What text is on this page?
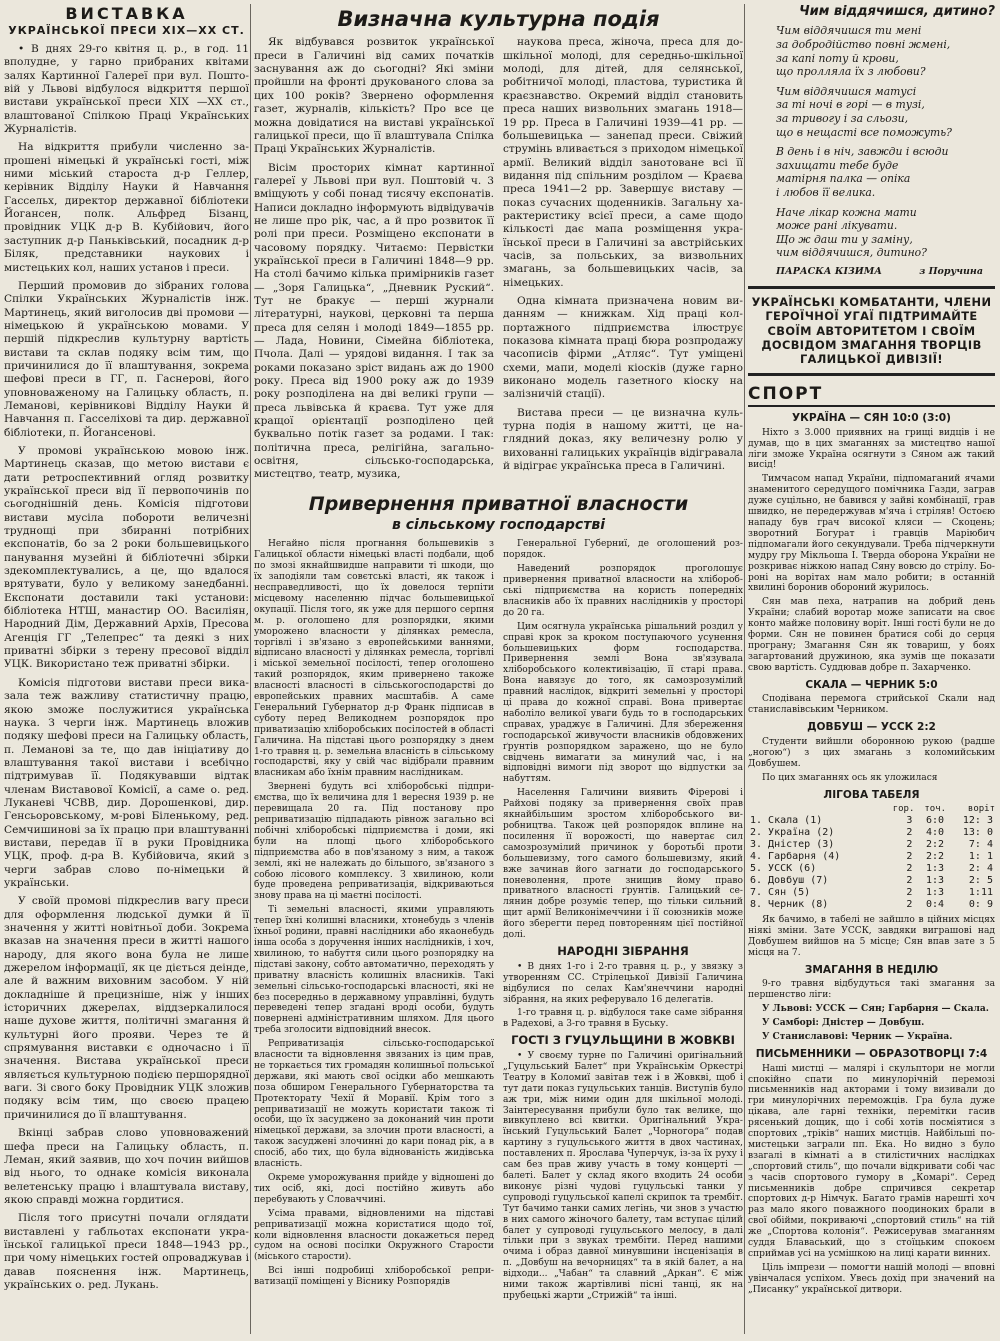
ВИСТАВКА
УКРАЇНСЬКОЇ ПРЕСИ XIX—XX СТ.

• В днях 29-го квітня ц. р., в год. 11 вполудне, у гарно прибраних квітами залях Картинної Галереї при вул. Поштовій у Львові відбулося відкриття першої вистави української преси XIX —XX ст., влаштованої Спілкою Праці Українських Журналістів.

На відкриття прибули численно запрошені німецькі й українські гості, між ними міський староста д-р Геллер, керівник Відділу Науки й Навчання Гассельх, директор державної бібліотеки Йогансен, полк. Альфред Бізанц, провідник УЦК д-р В. Кубійович, його заступник д-р Паньківський, посадник д-р Біляк, представники наукових і мистецьких кол, наших установ і преси.

Перший промовив до зібраних голова Спілки Українських Журналістів інж. Мартинець, який виголосив дві промови — німецькою й українською мовами. У першій підкреслив культурну вартість вистави та склав подяку всім тим, що причинилися до її влаштування, зокрема шефові преси в ГГ, п. Гаснерові, його уповноваженому на Галицьку область, п. Лемановi, керівникові Відділу Науки й Навчання п. Гасселіхові та дир. державної бібліотеки, п. Йогансенові.

У промові українською мовою інж. Мартинець сказав, що метою вистави є дати ретроспективний огляд розвитку української преси від її первопочинів по сьогоднішній день. Комісія підготови вистави мусіла побороти величезні труднощі при збиранні потрібних експонатів, бо за 2 роки большевицького панування музейні й бібліотечні збірки здекомплектувались, а це, що вдалося врятувати, було у великому занедбанні. Експонати доставили такі установи: бібліотека НТШ, манастир ОО. Василіян, Народний Дім, Державний Архів, Пресова Агенція ГГ „Телепрес“ та деякі з них приватні збірки з терену пресової відділ УЦК. Використано теж приватні збірки.

Комісія підготови вистави преси виказала теж важливу статистичну працю, якою зможе послужитися українська наука. З черги інж. Мартинець вложив подяку шефові преси на Галицьку область, п. Лемановi за те, що дав ініціативу до влаштування такої вистави і всебічно підтримував її. Подякувавши відтак членам Виставової Комісії, а саме о. ред. Луканеві ЧСВВ, дир. Дорошенкові, дир. Генсьоровському, м-рові Біленькому, ред. Семчишинові за їх працю при влаштуванні вистави, передав її в руки Провідника УЦК, проф. д-ра В. Кубійовича, який з черги забрав слово по-німецьки й українськи.

У своїй промові підкреслив вагу преси для оформлення людської думки й її значення у житті новітньої доби. Зокрема вказав на значення преси в житті нашого народу, для якого вона була не лише джерелом інформації, як це діється деінде, але й важним виховним засобом. У ній докладніше й прецизніше, ніж у інших історичних джерелах, віддзеркалилося наше духове життя, політичні змагання й культурні його прояви. Через те й спрямування виставки є одночасно і її значення. Вистава української преси являється культурною подією першорядної ваги. Зі свого боку Провідник УЦК зложив подяку всім тим, що своєю працею причинилися до її влаштування.

Вкінці забрав слово уповноважений шефа преси на Галицьку область, п. Леман, який заявив, що хоч почин вийшов від нього, то однаке комісія виконала велетенську працю і влаштувала виставу, якою справді можна гордитися.

Після того присутні почали оглядати виставлені у габльотах експонати української галицької преси 1848—1943 рр., при чому німецьких гостей опроваджував і давав пояснення інж. Мартинець, українських о. ред. Лукань.

Визначна культурна подія

Як відбувався розвиток української преси в Галичині від самих початків заснування аж до сьогодні? Які зміни пройшли на фронті друкованого слова за цих 100 років? Звернено оформлення газет, журналів, кількість? Про все це можна довідатися на виставі української галицької преси, що її влаштувала Спілка Праці Українських Журналістів.

Вісім просторих кімнат картинної галереї у Львові при вул. Поштовій ч. 3 вміщують у собі понад тисячу експонатів. Написи докладно інформують відвідувачів не лише про рік, час, а й про розвиток її ролі при преси. Розміщено експонати в часовому порядку. Читаємо: Первістки української преси в Галичині 1848—9 рр. На столі бачимо кілька примірників газет — „Зоря Галицька“, „Дневник Руский“. Тут не бракує — перші журнали літературні, наукові, церковні та перша преса для селян і молоді 1849—1855 рр. — Лада, Новини, Сімейна бібліотека, Пчола. Далі — урядові видання. І так за роками показано зріст видань аж до 1900 року. Преса від 1900 року аж до 1939 року розподілена на дві великі групи — преса львівська й краєва. Тут уже для кращої орієнтації розподілено цей буквально потік газет за родами. І так: політична преса, релігійна, загально-освітня, сільсько-господарська, мистецтво, театр, музика,

наукова преса, жіноча, преса для дошкільної молоді, для середньо-шкільної молоді, для дітей, для селянської, робітничої молоді, пластова, туристика й краєзнавство. Окремий відділ становить преса наших визвольних змагань 1918—19 рр. Преса в Галичині 1939—41 рр. — большевицька — занепад преси. Свіжий струмінь вливається з приходом німецької армії. Великий відділ занотоване всі її видання під спільним розділом — Краєва преса 1941—2 рр. Завершує виставу — показ сучасних щоденників. Загальну характеристику всієї преси, а саме щодо кількості дає мапа розміщення української преси в Галичині за австрійських часів, за польських, за визвольних змагань, за большевицьких часів, за німецьких.

Одна кімната призначена новим виданням — книжкам. Хід праці колпортажного підприємства ілюструє показова кімната праці бюра розпродажу часописів фірми „Атляс“. Тут уміщені схеми, мапи, моделі кіосків (дуже гарно виконано модель газетного кіоску на залізничій стації).

Вистава преси — це визначна культурна подія в нашому житті, це наглядний доказ, яку величезну ролю у вихованні галицьких українців відігравала й відіграє українська преса в Галичині.

Привернення приватної власности
в сільському господарстві

Негайно після прогнання большевиків з Галицької области німецькі власті подбали, щоб по змозі якнайшвидше направити ті шкоди, що їх заподіяли там совєтські власті, як також і несправедливості, що їх довелося терпіти місцевому населенню підчас большевицької окупації. Після того, як уже для першого серпня м. р. оголошено для розпорядки, якими уморожено власности у ділянках ремесла, торгівлі і зв'язано з европейськими ваннями, відписано власності у ділянках ремесла, торгівлі і міської земельної посілості, тепер оголошено такий розпорядок, яким привернено такоже власності власності в сільськогосподарстві до европейських правних масштабів. А саме Генеральний Губернатор д-р Франк підписав в суботу перед Великоднем розпорядок про приватизацію хліборобських посілостей в області Галичина. На підставі цього розпорядку з днем 1-го травня ц. р. земельна власність в сільському господарстві, яку у свій час відібрали правним власникам або їхнім правним наслідникам.

Звернені будуть всі хліборобські підприємства, що їх величина для 1 вересня 1939 р. не перевищала 20 га. Під постанову про реприватизацію підпадають рівнож загально всі побічні хліборобські підприємства і доми, які були на площі цього хліборобського підприємства або в пов'язаному з ним, а також землі, які не належать до більшого, зв'язаного з собою лісового комплексу. З хвилиною, коли буде проведена реприватизація, відкриваються знову права на ці маєтні посілості.

Ті земельні власності, якими управляють тепер їхні колишні власники, хтонебудь з членів їхньої родини, правні наслідники або якаонебудь інша особа з доручення інших наслідників, і хоч, хвилиною, то набуття сили цього розпорядку на підставі закону, собто автоматично, переходять у приватну власність колишніх власників. Такі земельні сільсько-господарські власності, які не без посередньо в державному управлінні, будуть переведені тепер згадані вроді особи, будуть повернені адміністративним шляхом. Для цього треба зголосити відповідний внесок.

Реприватизація сільсько-господарської власности та відновлення звязаних із цим прав, не торкається тих громадян колишньої польської держави, які мають свої осідки або мешкають поза обширом Генерального Губернаторства та Протекторату Чехії й Моравії. Крім того з реприватизації не можуть користати також ті особи, що їх засуджено за доконаний чин проти німецької держави, за злочин проти власності, а також засуджені злочинні до кари понад рік, а в спосіб, або тих, що була віднованість жидівська власність.

Окреме уморожування прийде у відношені до тих осіб, які, досі постійно живуть або перебувають у Словаччині.

Усіма правами, відновленими на підставі реприватизації можна користатися щодо тої, коли відновлення власности докажеться перед судом на основі посілки Окружного Старости (міського старости).

Всі інші подробиці хліборобської реприватизації поміщені у Віснику Розпорядів

Генеральної Губерниї, де оголошений розпорядок.

Наведений розпорядок проголошує привернення приватної власности на хліборобські підприємства на користь попередніх власників або їх правних наслідників у просторі до 20 га.

Цим осягнула українська рішальний роздил у справі крок за кроком поступаючого усунення большевицьких форм господарства. Привернення землі Вона зв'язувала хліборобського колективізацію, її старі права. Вона навязує до того, як самозрозумілий правний наслідок, відкриті земельні у просторі ці права до кожної справі. Вона привертає наболіло великої уваги будь то в господарських справах, ураджує в Галичині. Для збереження господарської живучости власників обдовжених ґрунтів розпорядком заражено, що не було свідчень вимагати за минулий час, і на відповідні вимоги під зворот що відпустки за набуттям.

Населення Галичини виявить Фірерові і Райхові подяку за привернення своїх прав якнайбільшим зростом хліборобського виробництва. Також цей розпорядок вплине на посилення її ворожості, що навертає сил самозрозумілий причинок у боротьбі проти большевизму, того самого большевизму, який вже зачинав його загнати до господарського поневолення, проте знищив йому право приватного власності ґрунтів. Галицький селянин добре розуміє тепер, що тільки сильний щит армії Великонімеччини і її союзників може його зберегти перед повторенням цієї постійної долі.

НАРОДНІ ЗІБРАННЯ

• В днях 1-го і 2-го травня ц. р., у звязку з утворенням СС. Стрілецької Дивізії Галичина відбулися по селах Кам'янеччини народні зібрання, на яких реферувало 16 делегатів.

1-го травня ц. р. відбулося таке саме зібрання в Радехові, а 3-го травня в Буську.

ГОСТІ З ГУЦУЛЬЩИНИ В ЖОВКВІ

• У своєму турне по Галичині оригінальний „Гуцульський Балет“ при Українськім Оркестрі Театру в Коломиї завітав теж і в Жовкві, щоб і тут дати показ гуцульських танців. Виступів було аж три, між ними один для шкільної молоді. Заінтересування прибули було так велике, що вивкуплено всі квитки. Оригінальний Український Гуцульський Балет „Чорногора“ подав картину з гуцульського життя в двох частинах, поставлених п. Ярослава Чуперчук, із-за їх руху і сам без прав живу участь в тому концерті — балеті. Балет у склад якого входить 24 особи виконує різні чудові гуцульські танки у супроводі гуцульської капелі скрипок та трембіт. Тут бачимо танки самих легінь, чи знов з участю в них самого жіночого балету, там вступає цілий балет у супроводі гуцульського мелосу, в далі тільки при з звуках трембіти. Перед нашими очима і образ давної минувшини інсценізація в п. „Довбуш на вечорницях“ та в якій балет, а на відходи... „Чабан“ та славний „Аркан“. Є між ними також жартівливі пісні танці, як на прубецькі жарти „Стрижій“ та інші.

Чим віддячишся, дитино?
Чим віддячишся ти мені
за добродійство повні жмені,
за капі поту й крови,
що пролляла їх з любови?
Чим віддячишся матусі
за ті ночі в горі — в тузі,
за тривогу і за сльози,
що в нещасті все поможуть?
В день і в ніч, завжди і всюди
захищати тебе буде
матірня палка — опіка
і любов її велика.
Наче лікар кожна мати
може рані лікувати.
Що ж даш ти у заміну,
чим віддячишся, дитино?
ПАРАСКА КІЗИМА	з Поручина
УКРАЇНСЬКІ КОМБАТАНТИ, ЧЛЕНИ ГЕРОЇЧНОЇ УГАЇ ПІДТРИМАЙТЕ СВОЇМ АВТОРИТЕТОМ І СВОЇМ ДОСВІДОМ ЗМАГАННЯ ТВОРЦІВ ГАЛИЦЬКОЇ ДИВІЗІЇ!
СПОРТ
УКРАЇНА — СЯН 10:0 (3:0)

Ніхто з 3.000 приявних на грищі видців і не думав, що в цих змаганнях за мистецтво нашої ліги зможе Україна осягнути з Сяном аж такий висід!

Тимчасом напад України, підпомаганий ячами знаменитого середущого помічника Газди, заграв дуже суцільно, не бавився у зайві комбінації, грав швидко, не передержував м'яча і стріляв! Остоєю нападу був грач високої кляси — Скоцень; зворотний Богурат і гравців Марiюбич підпомагали його секундували. Треба підчеркнути мудру гру Мікльоша І. Тверда оборона України не розкриває ніжкою напад Сяну вовсю до стрілу. Бороні на ворітах нам мало робити; в останній хвилині боронив обороний журилось.

Сян мав пеха, натрапив на добрий день України; слабий воротар може записати на своє конто майже половину ворiт. Інші гості були не до форми. Сян не повинен братися собі до серця програну; Змагання Сян як товариш, у боях загартований дружиною, яка зумів ще показати свою вартість. Суддював добре п. Захарченко.

СКАЛА — ЧЕРНИК 5:0

Сподівана перемога стрийської Скали над станиславівським Черником.

ДОВБУШ — УССК 2:2

Студенти вийшли оборонною рукою (радше „ногою“) з цих змагань з коломийським Довбушем.

По цих змаганнях ось як уложилася

ЛІГОВА ТАБЕЛЯ
	гор.	точ.	ворiт
1. Скала (1)	3	6:0	12: 3
2. Україна (2)	2	4:0	13: 0
3. Дністер (3)	2	2:2	7: 4
4. Гарбарня (4)	2	2:2	1: 1
5. УССК (6)	2	1:3	2: 4
6. Довбуш (7)	2	1:3	2: 5
7. Сян (5)	2	1:3	1:11
8. Черник (8)	2	0:4	0: 9

Як бачимо, в табелі не зайшло в ційних місцях ніякі зміни. Зате УССК, завдяки виграшові над Довбушем вийшов на 5 місце; Сян впав зате з 5 місця на 7.

ЗМАГАННЯ В НЕДІЛЮ

9-го травня відбудуться такі змагання за першенство ліги:

У Львові: УССК — Сян; Гарбарня — Скала.

У Самборі: Дністер — Довбуш.

У Станиславові: Черник — Україна.

ПИСЬМЕННИКИ — ОБРАЗОТВОРЦІ 7:4

Наші мистці — малярі і скульптори не могли спокійно спати по минулорічній перемозі письменників над акторами і тому визивали до гри минулорічних переможців. Гра була дуже цікава, але гарні техніки, перемітки гасив рясенький дощик, що і собі хотів посміятися з спортових „трiків“ наших мистців. Найбільші по-мистецьки заграли пп. Ека. Но видно з було взагалі в кімнаті а в стилістичних наслідках „спортовий стиль“, що почали відкривати собі час з часів спортового гумору в „Комарі“. Серед письменників добре спричився секретар спортових д-р Нiмчук. Багато грамів нарешті хоч раз мало якого поважного поодиноких брали в свої обійми, покриваючі „спортовий стиль“ на тій же „Спортова колонія“. Режисерував змаганням суддя Блаваський, що з стоїцьким спокоєм сприймав усі на усмішкою на лиці карати винних.

Ціль імпрези — помогти нашій молоді — вповні увінчалася успіхом. Увесь дохід при значений на „Писанку“ української дитвори.
